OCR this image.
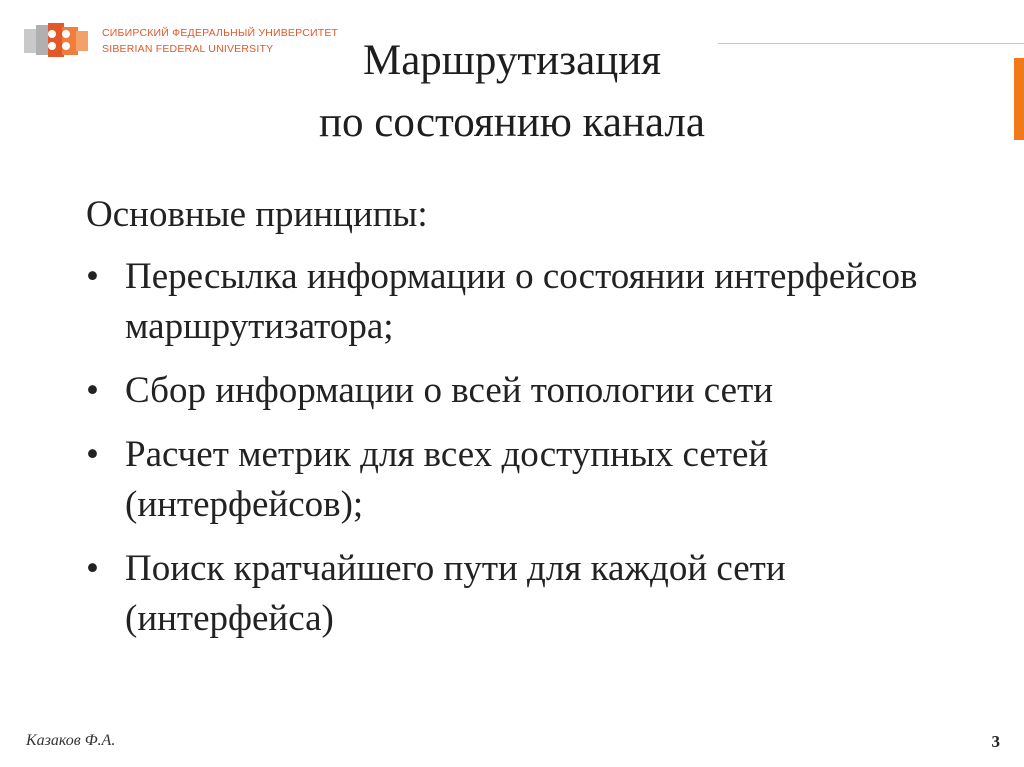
СИБИРСКИЙ ФЕДЕРАЛЬНЫЙ УНИВЕРСИТЕТ
SIBERIAN FEDERAL UNIVERSITY	Маршрутизация
по состоянию канала
Основные принципы:
• Пересылка информации о состоянии интерфейсов маршрутизатора;
• Сбор информации о всей топологии сети
• Расчет метрик для всех доступных сетей (интерфейсов);
• Поиск кратчайшего пути для каждой сети (интерфейса)
Казаков Ф.А.	3
